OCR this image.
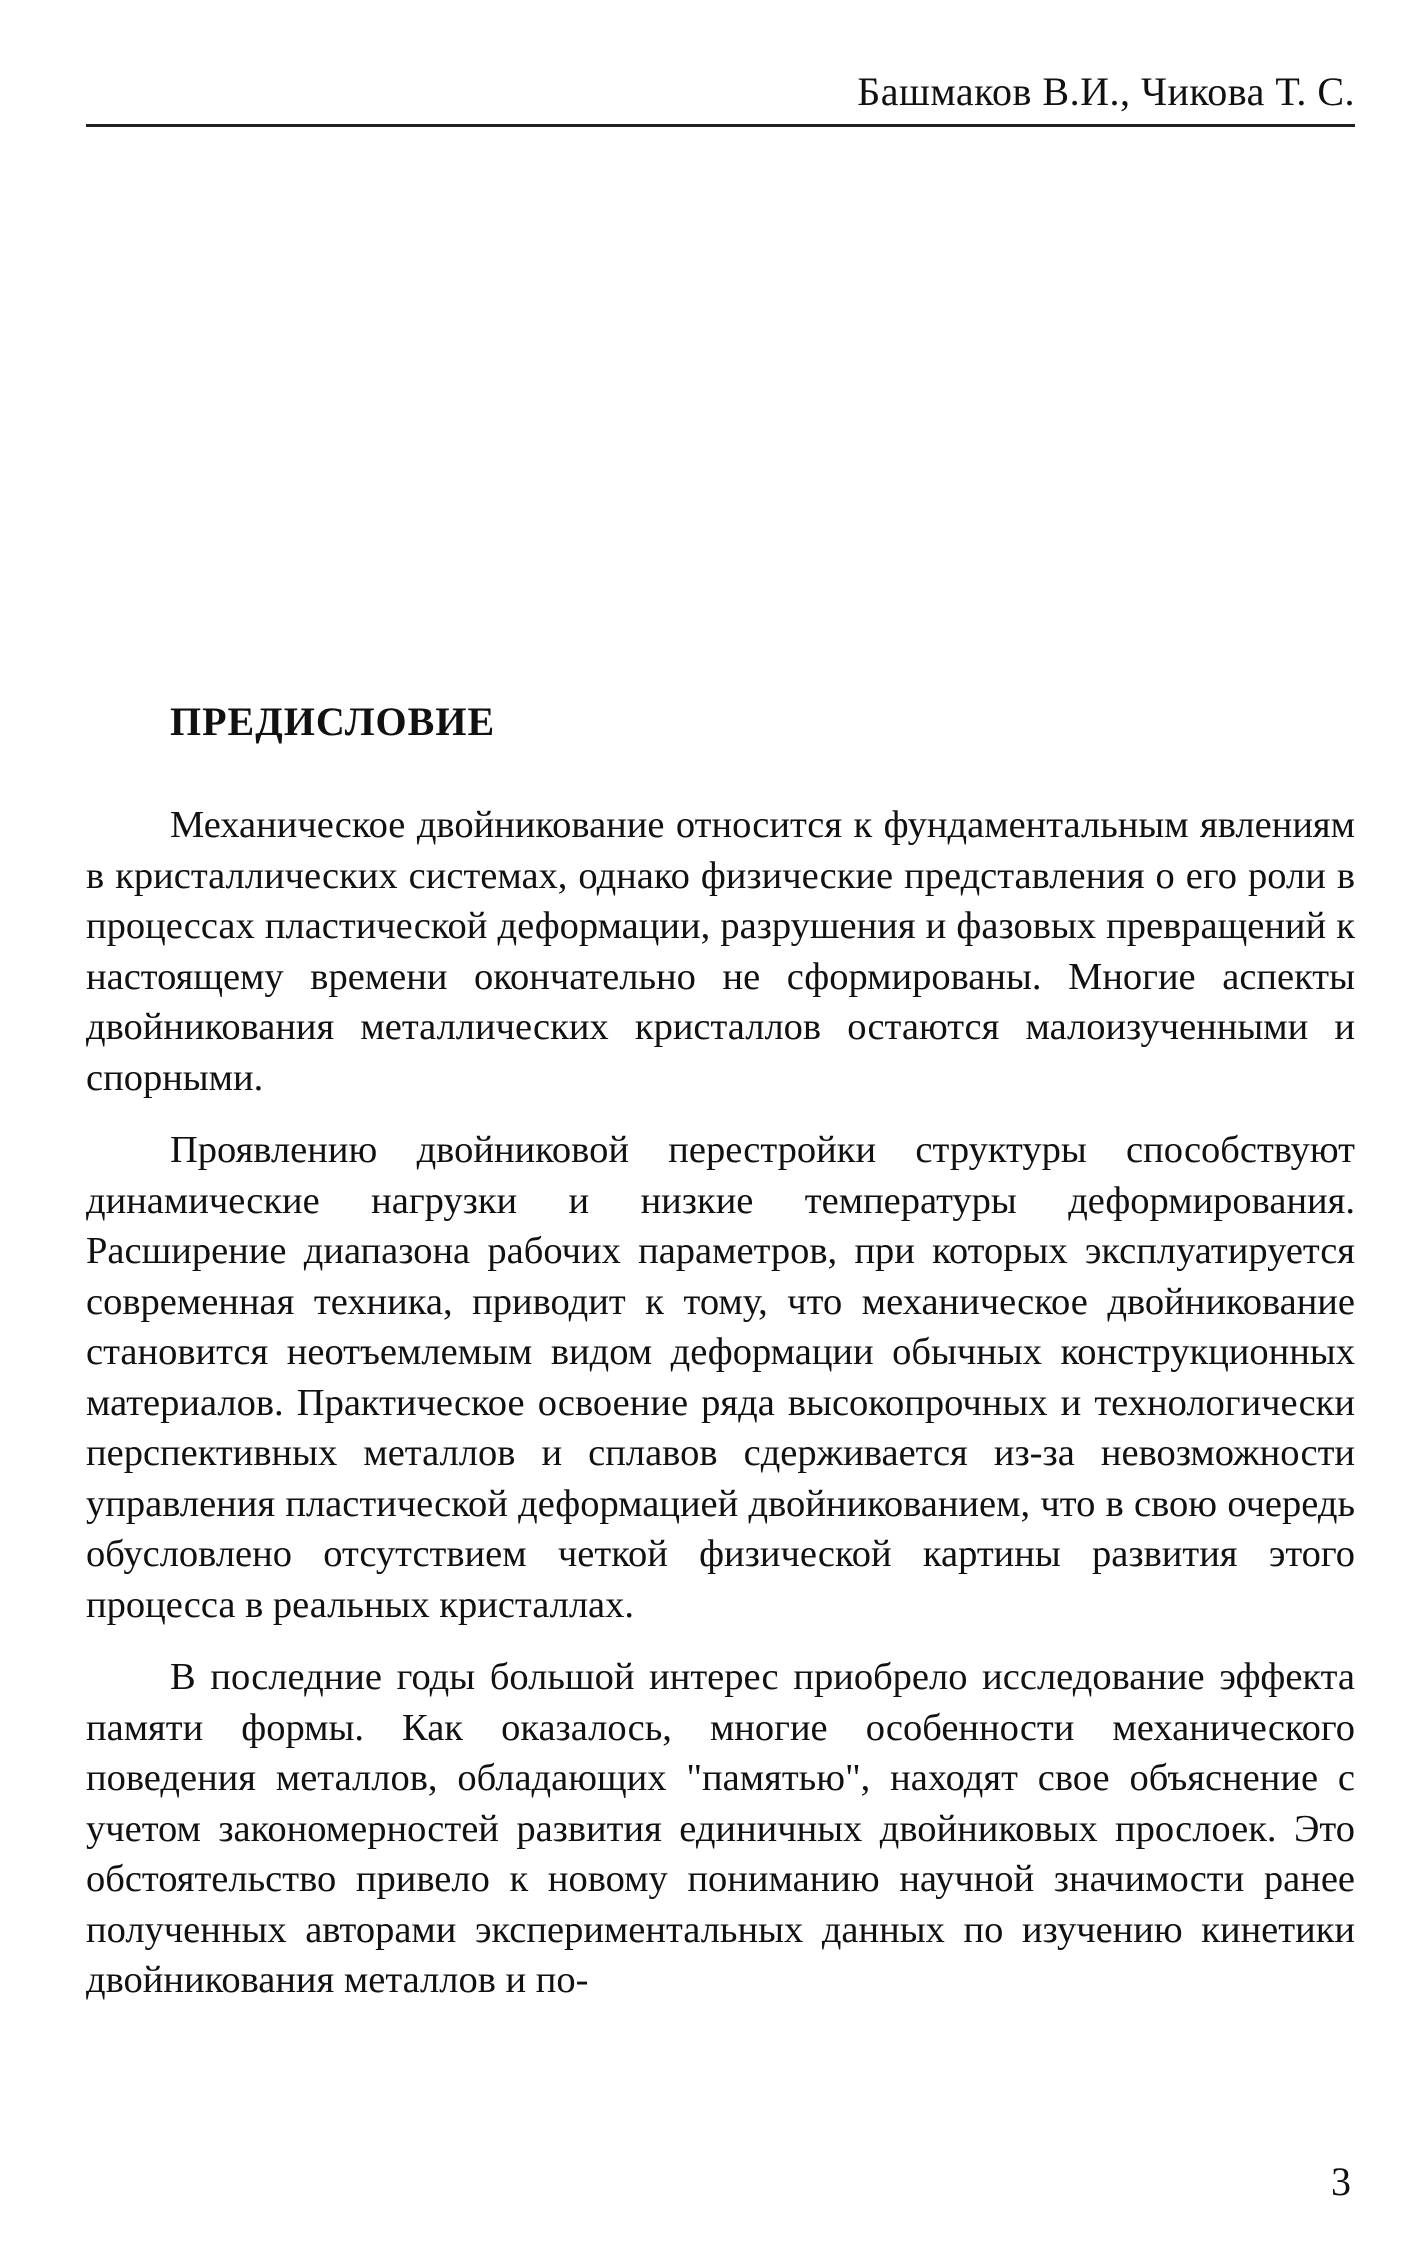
Башмаков В.И., Чикова Т. С.
ПРЕДИСЛОВИЕ

Механическое двойникование относится к фундаментальным явлениям в кристаллических системах, однако физические представления о его роли в процессах пластической деформации, разрушения и фазовых превращений к настоящему времени окончательно не сформированы. Многие аспекты двойникования металлических кристаллов остаются малоизученными и спорными.

Проявлению двойниковой перестройки структуры способствуют динамические нагрузки и низкие температуры деформирования. Расширение диапазона рабочих параметров, при которых эксплуатируется современная техника, приводит к тому, что механическое двойникование становится неотъемлемым видом деформации обычных конструкционных материалов. Практическое освоение ряда высокопрочных и технологически перспективных металлов и сплавов сдерживается из-за невозможности управления пластической деформацией двойникованием, что в свою очередь обусловлено отсутствием четкой физической картины развития этого процесса в реальных кристаллах.

В последние годы большой интерес приобрело исследование эффекта памяти формы. Как оказалось, многие особенности механического поведения металлов, обладающих "памятью", находят свое объяснение с учетом закономерностей развития единичных двойниковых прослоек. Это обстоятельство привело к новому пониманию научной значимости ранее полученных авторами экспериментальных данных по изучению кинетики двойникования металлов и по-

3
